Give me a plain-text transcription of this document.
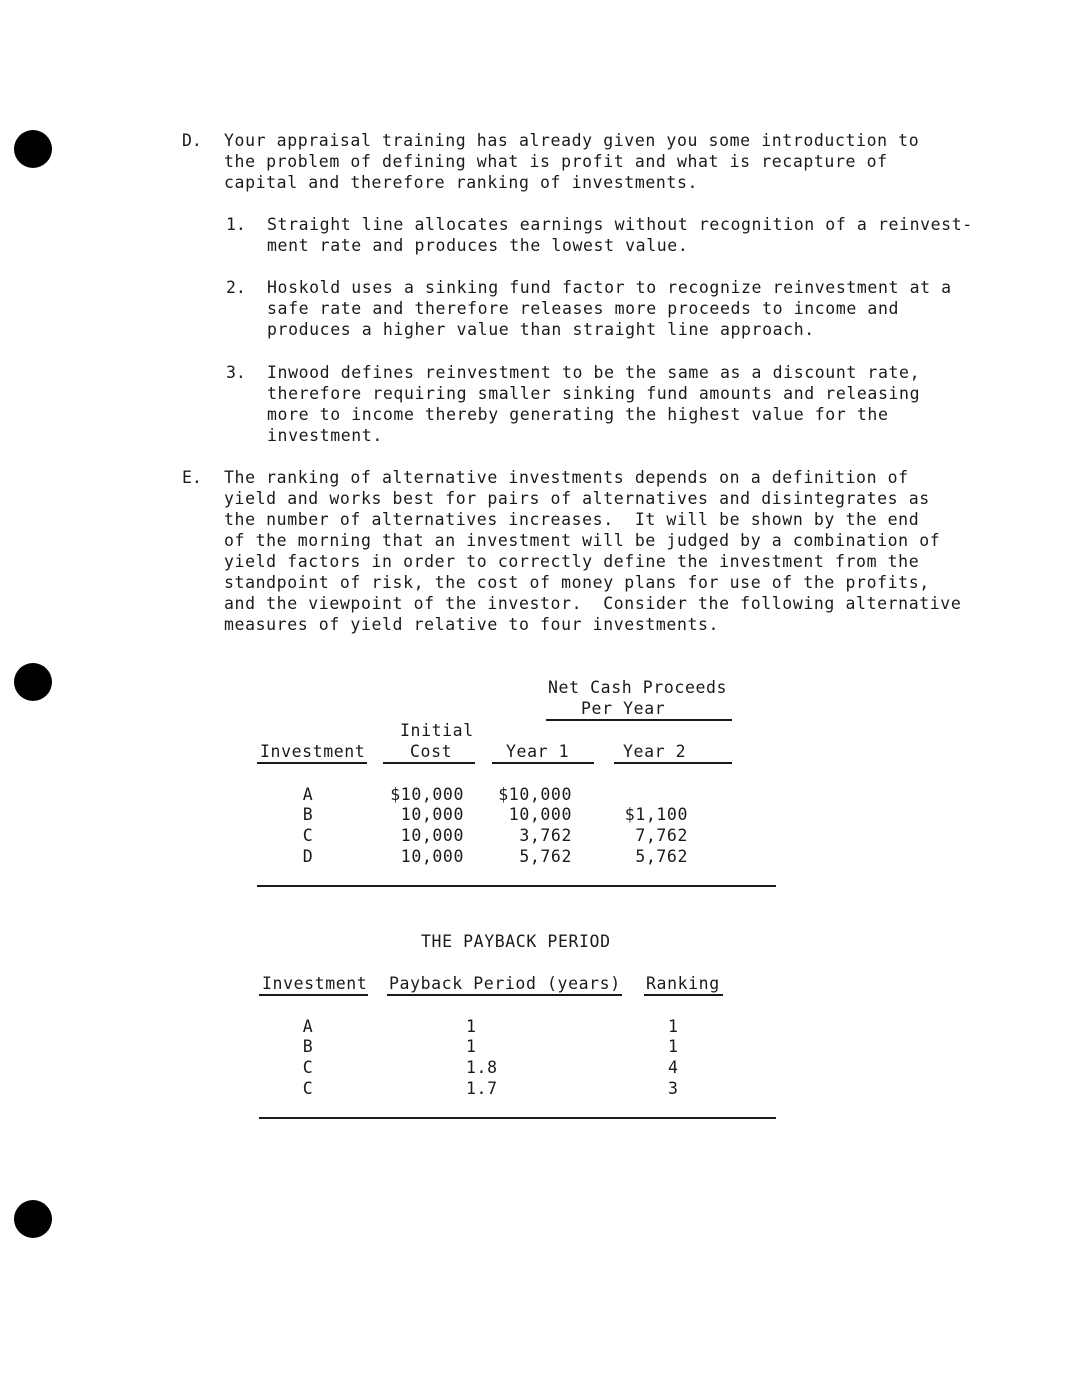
D. Your appraisal training has already given you some introduction to
the problem of defining what is profit and what is recapture of
capital and therefore ranking of investments.
1. Straight line allocates earnings without recognition of a reinvest-
ment rate and produces the lowest value.
2. Hoskold uses a sinking fund factor to recognize reinvestment at a
safe rate and therefore releases more proceeds to income and
produces a higher value than straight line approach.
3. Inwood defines reinvestment to be the same as a discount rate,
therefore requiring smaller sinking fund amounts and releasing
more to income thereby generating the highest value for the
investment.
E. The ranking of alternative investments depends on a definition of
yield and works best for pairs of alternatives and disintegrates as
the number of alternatives increases.  It will be shown by the end
of the morning that an investment will be judged by a combination of
yield factors in order to correctly define the investment from the
standpoint of risk, the cost of money plans for use of the profits,
and the viewpoint of the investor.  Consider the following alternative
measures of yield relative to four investments.
Net Cash Proceeds
Per Year
Initial
Investment	Cost	Year 1	Year 2
A	$10,000	$10,000
B	10,000	10,000	$1,100
C	10,000	3,762	7,762
D	10,000	5,762	5,762
THE PAYBACK PERIOD
Investment Payback Period (years) Ranking
A	1	1
B	1	1
C	1.8	4
C	1.7	3
